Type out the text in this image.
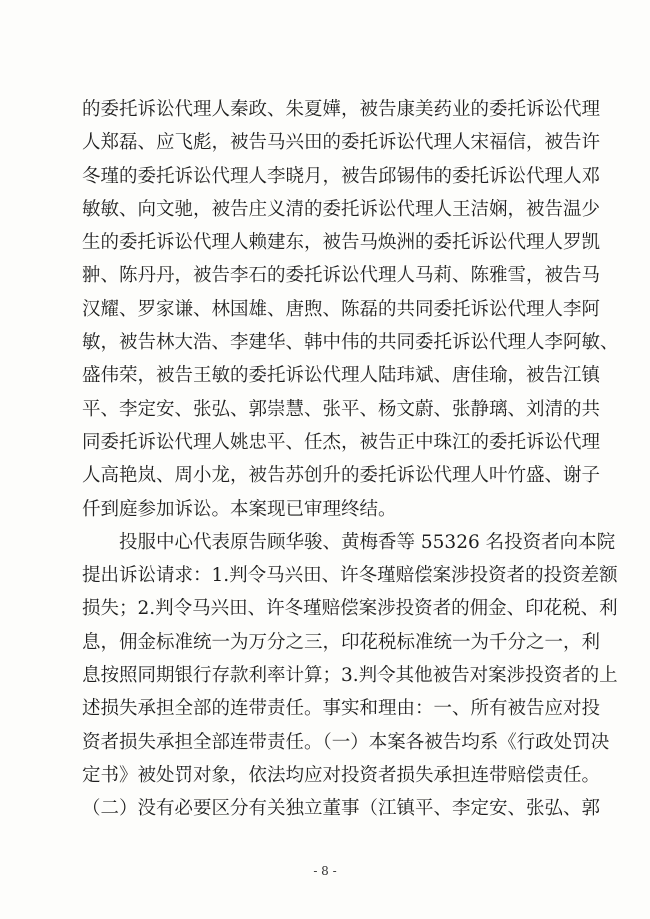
的委托诉讼代理人秦政、朱夏嬅，被告康美药业的委托诉讼代理
人郑磊、应飞彪，被告马兴田的委托诉讼代理人宋福信，被告许
冬瑾的委托诉讼代理人李晓月，被告邱锡伟的委托诉讼代理人邓
敏敏、向文驰，被告庄义清的委托诉讼代理人王洁娴，被告温少
生的委托诉讼代理人赖建东，被告马焕洲的委托诉讼代理人罗凯
翀、陈丹丹，被告李石的委托诉讼代理人马莉、陈雅雪，被告马
汉耀、罗家谦、林国雄、唐煦、陈磊的共同委托诉讼代理人李阿
敏，被告林大浩、李建华、韩中伟的共同委托诉讼代理人李阿敏、
盛伟荣，被告王敏的委托诉讼代理人陆玮斌、唐佳瑜，被告江镇
平、李定安、张弘、郭崇慧、张平、杨文蔚、张静璃、刘清的共
同委托诉讼代理人姚忠平、任杰，被告正中珠江的委托诉讼代理
人高艳岚、周小龙，被告苏创升的委托诉讼代理人叶竹盛、谢子
仟到庭参加诉讼。本案现已审理终结。
　　投服中心代表原告顾华骏、黄梅香等 55326 名投资者向本院
提出诉讼请求：1.判令马兴田、许冬瑾赔偿案涉投资者的投资差额
损失；2.判令马兴田、许冬瑾赔偿案涉投资者的佣金、印花税、利
息，佣金标准统一为万分之三，印花税标准统一为千分之一，利
息按照同期银行存款利率计算；3.判令其他被告对案涉投资者的上
述损失承担全部的连带责任。事实和理由：一、所有被告应对投
资者损失承担全部连带责任。（一）本案各被告均系《行政处罚决
定书》被处罚对象，依法均应对投资者损失承担连带赔偿责任。
（二）没有必要区分有关独立董事（江镇平、李定安、张弘、郭
- 8 -
